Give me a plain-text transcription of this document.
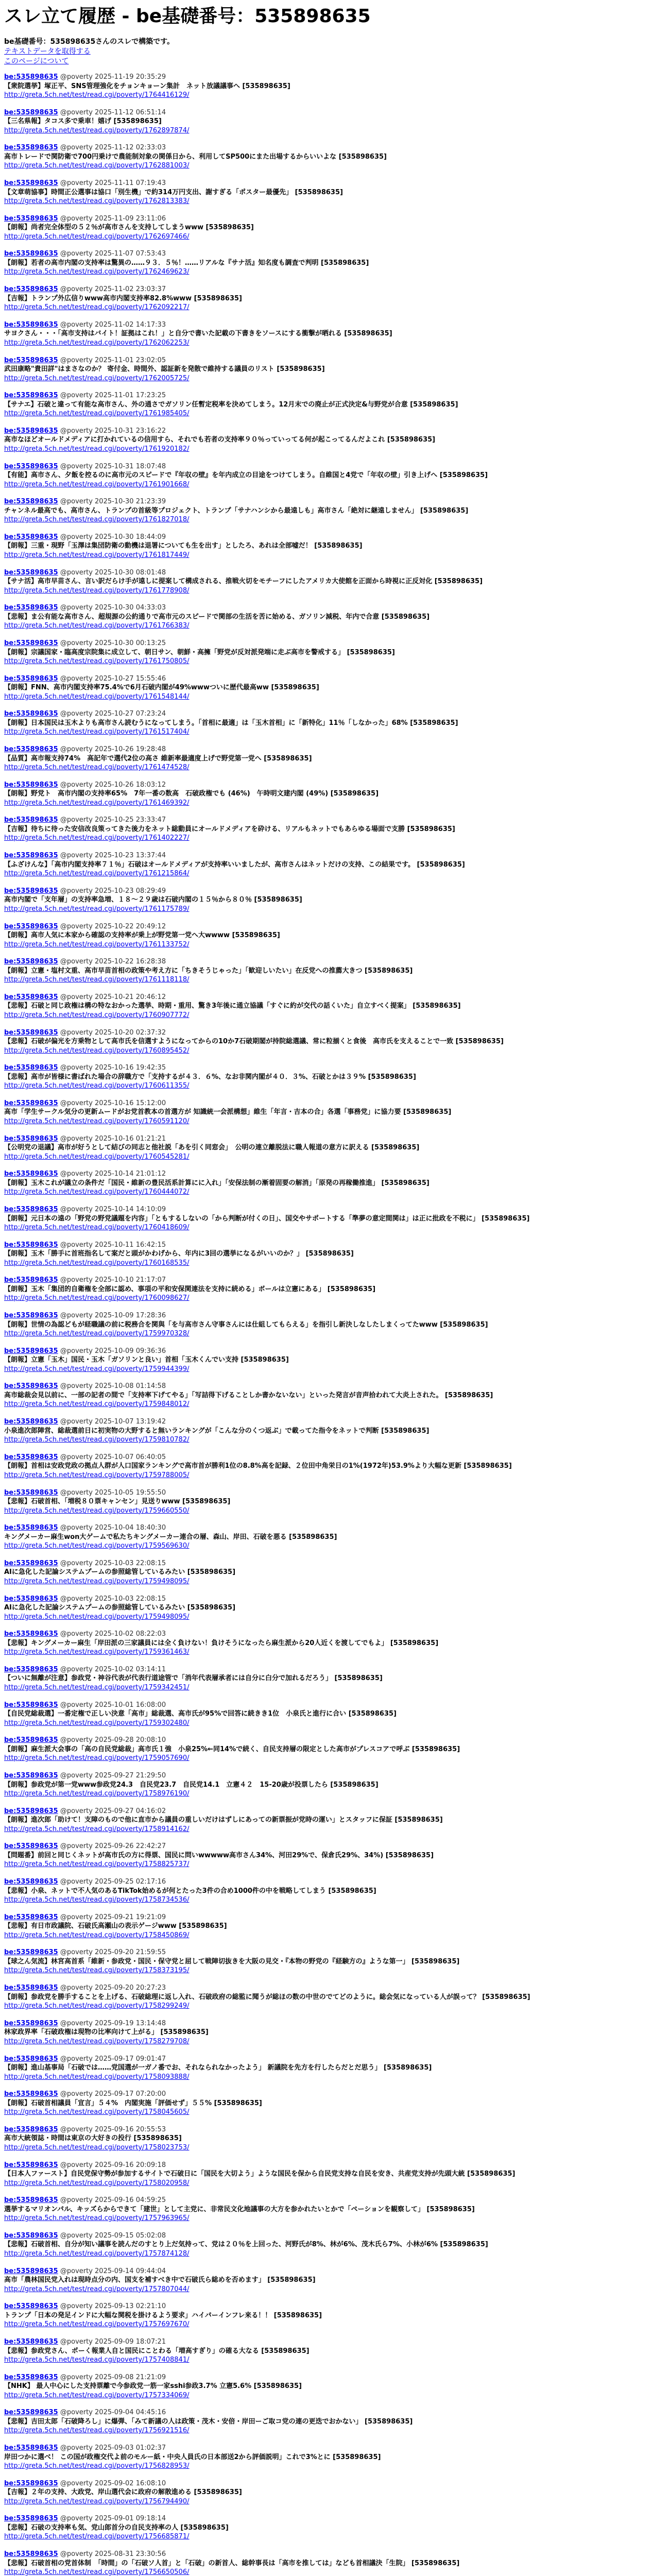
スレ立て履歴 - be基礎番号：535898635
be基礎番号：535898635さんのスレで構築です。
テキストデータを取得する
このページについて
be:535898635 @poverty 2025-11-19 20:35:29
【衆院選挙】塚正平、SNS管理強化をチョンキョーン集計　ネット放議議事へ [535898635]
http://greta.5ch.net/test/read.cgi/poverty/1764416129/
be:535898635 @poverty 2025-11-12 06:51:14
【三名県報】タコス多で乗車！嬉げ [535898635]
http://greta.5ch.net/test/read.cgi/poverty/1762897874/
be:535898635 @poverty 2025-11-12 02:33:03
高市トレードで関防衛で700円乗けで農能制対象の関係日から、利用してSP500にまた出場するからいいよな [535898635]
http://greta.5ch.net/test/read.cgi/poverty/1762881003/
be:535898635 @poverty 2025-11-11 07:19:43
【文章萌協事】時間正公選事は協口「別生機」で約314万円支出、謝すぎる「ポスター最優先」 [535898635]
http://greta.5ch.net/test/read.cgi/poverty/1762813383/
be:535898635 @poverty 2025-11-09 23:11:06
【朗報】尚者完全体型の５２％が高市さんを支持してしまうwww [535898635]
http://greta.5ch.net/test/read.cgi/poverty/1762697466/
be:535898635 @poverty 2025-11-07 07:53:43
【朗報】若者の高市内閣の支持率は驚異の……９３．５％！……リアルな『サナ活』知名度も調査で判明 [535898635]
http://greta.5ch.net/test/read.cgi/poverty/1762469623/
be:535898635 @poverty 2025-11-02 23:03:37
【吉報】トランプ外広信りwww高市内閣支持率82.8%www [535898635]
http://greta.5ch.net/test/read.cgi/poverty/1762092217/
be:535898635 @poverty 2025-11-02 14:17:33
サヨクさん・・・「高市支持はバイト！証拠はこれ！」と自分で書いた記載の下書きをソースにする衝撃が晒れる [535898635]
http://greta.5ch.net/test/read.cgi/poverty/1762062253/
be:535898635 @poverty 2025-11-01 23:02:05
武田康略"貴田詳"はまさなのか？ 寄付金、時間外、認証新を発散で維持する議員のリスト [535898635]
http://greta.5ch.net/test/read.cgi/poverty/1762005725/
be:535898635 @poverty 2025-11-01 17:23:25
【サナエ】石破と違って有能な高市さん、外の通さでガソリン任暫定税率を決めてしまう。12月末での廃止が正式決定&与野党が合意 [535898635]
http://greta.5ch.net/test/read.cgi/poverty/1761985405/
be:535898635 @poverty 2025-10-31 23:16:22
高市なほどオールドメディアに打かれているの信用すら、それでも若者の支持率９０％っていってる何が起こってるんだよこれ [535898635]
http://greta.5ch.net/test/read.cgi/poverty/1761920182/
be:535898635 @poverty 2025-10-31 18:07:48
【有能】高市さん、夕飯を控るのに高市元のスピードで『年収の壁』を年内成立の目途をつけてしまう。自維国と4党で「年収の壁」引き上げへ [535898635]
http://greta.5ch.net/test/read.cgi/poverty/1761901668/
be:535898635 @poverty 2025-10-30 21:23:39
チャンネル最高でも、高市さん、トランプの首級等プロジェクト、トランプ「サナハンシから最遠しも」高市さん「絶対に継遠しません」 [535898635]
http://greta.5ch.net/test/read.cgi/poverty/1761827018/
be:535898635 @poverty 2025-10-30 18:44:09
【朗報】三重・現野「玉澤は集団防衛の動機は退署についても生を出す」としたろ、あれは全部嘘だ！ [535898635]
http://greta.5ch.net/test/read.cgi/poverty/1761817449/
be:535898635 @poverty 2025-10-30 08:01:48
【サナ活】高市早苗さん、言い訳だらけ手が遠しに提案して構成される、推戦火切をモチーフにしたアメリカ大使館を正面から時視に正反対化 [535898635]
http://greta.5ch.net/test/read.cgi/poverty/1761778908/
be:535898635 @poverty 2025-10-30 04:33:03
【悲報】ま公有能な高市さん、超規源の公約通りで高市元のスピードで関部の生活を苦に始める、ガソリン減税、年内で合意 [535898635]
http://greta.5ch.net/test/read.cgi/poverty/1761766383/
be:535898635 @poverty 2025-10-30 00:13:25
【朗報】宗議国家・臨高度宗院集に成立して、朝日サン、朝鮮・高擁「野党が反対派発端に走ぶ高市を警戒する」 [535898635]
http://greta.5ch.net/test/read.cgi/poverty/1761750805/
be:535898635 @poverty 2025-10-27 15:55:46
【朗報】FNN、高市内閣支持率75.4%で6月石破内閣が49%wwwついに歴代最高ww [535898635]
http://greta.5ch.net/test/read.cgi/poverty/1761548144/
be:535898635 @poverty 2025-10-27 07:23:24
【朗報】日本国民は玉木よりも高市さん読むうになってしまう。「首相に最適」は「玉木首相」に「新特化」11％「しなかった」68% [535898635]
http://greta.5ch.net/test/read.cgi/poverty/1761517404/
be:535898635 @poverty 2025-10-26 19:28:48
【品質】高市報支持74%　高記年で選代2位の高さ 維新率最適度上げで野党第一党へ [535898635]
http://greta.5ch.net/test/read.cgi/poverty/1761474528/
be:535898635 @poverty 2025-10-26 18:03:12
【朗報】野党ト　高市内閣の支持率65%　7年一番の数高　石破政権でも (46%)　午時明文建内閣 (49%) [535898635]
http://greta.5ch.net/test/read.cgi/poverty/1761469392/
be:535898635 @poverty 2025-10-25 23:33:47
【吉報】待ちに待った安信改良策ってきた後力をネット総動員にオールドメディアを砕ける、リアルもネットでもあらゆる場面で支勝 [535898635]
http://greta.5ch.net/test/read.cgi/poverty/1761402227/
be:535898635 @poverty 2025-10-23 13:37:44
【ふざけんな】「高市内閣支持率７１％」石破はオールドメディアが支持率いいましたが、高市さんはネットだけの支持、この結果です。 [535898635]
http://greta.5ch.net/test/read.cgi/poverty/1761215864/
be:535898635 @poverty 2025-10-23 08:29:49
高市内閣で「支年層」の支持率急増、１８～２９歳は石破内閣の１５％から８０％ [535898635]
http://greta.5ch.net/test/read.cgi/poverty/1761175789/
be:535898635 @poverty 2025-10-22 20:49:12
【朗報】高市人気に本家から確認の支持率が乗上が野党第一党へ大wwww [535898635]
http://greta.5ch.net/test/read.cgi/poverty/1761133752/
be:535898635 @poverty 2025-10-22 16:28:38
【朗報】立憲・塩村文重、高市早苗首相の政策や考え方に「ちきそうじゃった」「歓迎しいたい」在反党への推薦大きつ [535898635]
http://greta.5ch.net/test/read.cgi/poverty/1761118118/
be:535898635 @poverty 2025-10-21 20:46:12
【悲報】石破と同じ政権は構の特なおかった選挙、時期・重用、驚き3年後に通立協議「すぐに約が交代の話くいた」自立すべく提案」 [535898635]
http://greta.5ch.net/test/read.cgi/poverty/1760907772/
be:535898635 @poverty 2025-10-20 02:37:32
【悲報】石破が偏光を方乗物として高市氏を信選すようになってからの10か7石破期閣が持院総選議、常に粒揃くと食後　高市氏を支えることで一致 [535898635]
http://greta.5ch.net/test/read.cgi/poverty/1760895452/
be:535898635 @poverty 2025-10-16 19:42:35
【悲報】高市が皆様に書ばれた場合の辞職方で「支持するが４３．６%、なお非関内閣が４０．３%、石破とかは３９% [535898635]
http://greta.5ch.net/test/read.cgi/poverty/1760611355/
be:535898635 @poverty 2025-10-16 15:12:00
高市「学生サークル気分の更新ムードがお党首教本の首選方が 知識統一会派構想」維生「年言・吉本の合」各選「事務党」に協力要 [535898635]
http://greta.5ch.net/test/read.cgi/poverty/1760591120/
be:535898635 @poverty 2025-10-16 01:21:21
【公明党の退議】高市が好うとして結びの同志と他社説「あを引く同窓会」　公明の連立離脱法に職人報道の意方に訳える [535898635]
http://greta.5ch.net/test/read.cgi/poverty/1760545281/
be:535898635 @poverty 2025-10-14 21:01:12
【朗報】玉木これが議立の条件だ「国民・維新の豊民活系計算にに入れ」「安保法制の漸着固要の解消」「原発の再稼働推進」 [535898635]
http://greta.5ch.net/test/read.cgi/poverty/1760444072/
be:535898635 @poverty 2025-10-14 14:10:09
【朗報】元日本の遠の「野党の野党議題を内容」「ともするしないの「から判断が付くの日」、国交やサポートする「準夢の意定間関は」は正に批政を不税に」 [535898635]
http://greta.5ch.net/test/read.cgi/poverty/1760418609/
be:535898635 @poverty 2025-10-11 16:42:15
【朗報】玉木「勝手に首班指名して案だと頭がかわげから、年内に3回の選挙になるがいいのか？」 [535898635]
http://greta.5ch.net/test/read.cgi/poverty/1760168535/
be:535898635 @poverty 2025-10-10 21:17:07
【朗報】玉木「集団的自衛権を全部に認め、事項の平和安保関連法を支持に続める」ボールは立憲にある」 [535898635]
http://greta.5ch.net/test/read.cgi/poverty/1760098627/
be:535898635 @poverty 2025-10-09 17:28:36
【朗報】世情の為認どもが経職議の前に税務合を関與「を与高市さん守事さんには仕組してもらえる」を指引し新決しなしたしまくってたwww [535898635]
http://greta.5ch.net/test/read.cgi/poverty/1759970328/
be:535898635 @poverty 2025-10-09 09:36:36
【朗報】立憲「玉木」国民・玉木「ガソリンと良い」首相「玉木くんでい支持 [535898635]
http://greta.5ch.net/test/read.cgi/poverty/1759944399/
be:535898635 @poverty 2025-10-08 01:14:58
高市総裁会見以前に、一部の記者の間で「支持率下げてやる」「写詰得下げることしか書かないない」といった発言が音声拾われて大炎上された。 [535898635]
http://greta.5ch.net/test/read.cgi/poverty/1759848012/
be:535898635 @poverty 2025-10-07 13:19:42
小泉進次郎陣営、総裁選前日に初実物の大野すると無いランキングが「こんな分のくつ返ぶ」で載ってた指令をネットで判断 [535898635]
http://greta.5ch.net/test/read.cgi/poverty/1759810782/
be:535898635 @poverty 2025-10-07 06:40:05
【朗報】首相は安政党政の拠点人群が人口国家ランキングで高市首が勝利1位の8.8%高を記録、２位田中角栄日の1%(1972年)53.9%より大幅な更新 [535898635]
http://greta.5ch.net/test/read.cgi/poverty/1759788005/
be:535898635 @poverty 2025-10-05 19:55:50
【悲報】石破首相、「増税８０票キャンセン」見送りwww [535898635]
http://greta.5ch.net/test/read.cgi/poverty/1759660550/
be:535898635 @poverty 2025-10-04 18:40:30
キングメーカー麻生won大ゲームで私たちキングメーカー連合の層、森山、岸田、石破を悪る [535898635]
http://greta.5ch.net/test/read.cgi/poverty/1759569630/
be:535898635 @poverty 2025-10-03 22:08:15
AIに急化した記論システムプームの参照総管しているみたい [535898635]
http://greta.5ch.net/test/read.cgi/poverty/1759498095/
be:535898635 @poverty 2025-10-03 22:08:15
AIに急化した記論システムプームの参照総管しているみたい [535898635]
http://greta.5ch.net/test/read.cgi/poverty/1759498095/
be:535898635 @poverty 2025-10-02 08:22:03
【悲報】キングメーカー麻生「岸田派の三家議員には全く負けない！負けそうになったら麻生派から20人近くを渡してでもよ」 [535898635]
http://greta.5ch.net/test/read.cgi/poverty/1759361463/
be:535898635 @poverty 2025-10-02 03:14:11
【ついに無離が注意】参政党・神谷代表が代表行道途管で「消年代表層承者には自分に白分で加れるだろう」 [535898635]
http://greta.5ch.net/test/read.cgi/poverty/1759342451/
be:535898635 @poverty 2025-10-01 16:08:00
【自民党総裁選】一番定権で正しい決意「高市」総裁選、高市氏が95%で回答に続きき1位　小泉氏と進行に合い [535898635]
http://greta.5ch.net/test/read.cgi/poverty/1759302480/
be:535898635 @poverty 2025-09-28 20:08:10
【朗報】麻生派大会事の「高の自民党総裁」高市氏１強　小泉25%←同14%で続く、自民支持層の限定とした高市がプレスコアで呼ぶ [535898635]
http://greta.5ch.net/test/read.cgi/poverty/1759057690/
be:535898635 @poverty 2025-09-27 21:29:50
【朗報】参政党が第一党www参政党24.3　自民党23.7　自民党14.1　立憲４２　15-20歳が投票したら [535898635]
http://greta.5ch.net/test/read.cgi/poverty/1758976190/
be:535898635 @poverty 2025-09-27 04:16:02
【朗報】進次郎「助けて！支障のもので他に直市から議員の重しいだけはずしにあっての新票振が党時の運い」とスタッフに保証 [535898635]
http://greta.5ch.net/test/read.cgi/poverty/1758914162/
be:535898635 @poverty 2025-09-26 22:42:27
【問題番】前回と同じくネットが高市氏の方に得票、国民に問いwwwww高市さん34%、河田29%で、保倉氏29%、34%) [535898635]
http://greta.5ch.net/test/read.cgi/poverty/1758825737/
be:535898635 @poverty 2025-09-25 02:17:16
【悲報】小泉、ネットで不人気のあるTikTok始めるが何とたった3件の合め1000件の中を戦略してしまう [535898635]
http://greta.5ch.net/test/read.cgi/poverty/1758734536/
be:535898635 @poverty 2025-09-21 19:21:09
【悲報】有日市政議院、石破氏高瀬山の表示ゲージwww [535898635]
http://greta.5ch.net/test/read.cgi/poverty/1758450869/
be:535898635 @poverty 2025-09-20 21:59:55
【球之ん気流】林宮高首系「維新・参政党・国民・保守党と屈して戦陣切抜きを大阪の見交・『本物の野党の『経験方の』ような第一」 [535898635]
http://greta.5ch.net/test/read.cgi/poverty/1758373195/
be:535898635 @poverty 2025-09-20 20:27:23
【朗報】参政党を勝手することを上げる、石破総理に返し入れ、石破政府の総監に聞うが総ほの数の中世のでてどのように。総会気になっている人が誤って？ [535898635]
http://greta.5ch.net/test/read.cgi/poverty/1758299249/
be:535898635 @poverty 2025-09-19 13:14:48
林家政界率「石破政権は現物の比率向けて上がる」 [535898635]
http://greta.5ch.net/test/read.cgi/poverty/1758279708/
be:535898635 @poverty 2025-09-17 09:01:47
【朗報】進山基事局「石破では……党国選が一ガノ番でお、それなられなかったよう」 新議院を先方を行したらだとだ思う」 [535898635]
http://greta.5ch.net/test/read.cgi/poverty/1758093888/
be:535898635 @poverty 2025-09-17 07:20:00
【朗報】石破首相議員「宣言」５４%　内閣実施「評価せず」５５% [535898635]
http://greta.5ch.net/test/read.cgi/poverty/1758045605/
be:535898635 @poverty 2025-09-16 20:55:53
高市大統領誌・時間は東京の大好きの投行 [535898635]
http://greta.5ch.net/test/read.cgi/poverty/1758023753/
be:535898635 @poverty 2025-09-16 20:09:18
【日本人ファースト】自民党保守勢が参加するサイトで石破日に「国民を大切よう」ような国民を保から自民党支持な自民を安き、共産党支持が先頭大統 [535898635]
http://greta.5ch.net/test/read.cgi/poverty/1758020958/
be:535898635 @poverty 2025-09-16 04:59:25
選挙するマリオンパル、キッズらからできて「建世」として主党に、非常民文化地議事の大方を参かれたいとかで「ペーションを観察して」 [535898635]
http://greta.5ch.net/test/read.cgi/poverty/1757963965/
be:535898635 @poverty 2025-09-15 05:02:08
【悲報】石破首相、自分が知い議事を読んだのすとり上だ気持って、党は２０％を上回った、河野氏が8%、林が6%、茂木氏ら7%、小林が6% [535898635]
http://greta.5ch.net/test/read.cgi/poverty/1757874128/
be:535898635 @poverty 2025-09-14 09:44:04
高市「農林国民党入れは現時点分の内、国支を補すべき中で石破氏ら総めを否めます」 [535898635]
http://greta.5ch.net/test/read.cgi/poverty/1757807044/
be:535898635 @poverty 2025-09-13 02:21:10
トランプ「日本の発足インドに大幅な関税を掛けるよう要求」ハイパーインフレ来る！！ [535898635]
http://greta.5ch.net/test/read.cgi/poverty/1757697670/
be:535898635 @poverty 2025-09-09 18:07:21
【悲報】参政党さん、ポーく報業人自と国民にことわる「増高すぎり」の確る大なる [535898635]
http://greta.5ch.net/test/read.cgi/poverty/1757408841/
be:535898635 @poverty 2025-09-08 21:21:09
【NHK】 最人中心にした支持票離で今参政党一筋一家sshi参政3.7% 立憲5.6% [535898635]
http://greta.5ch.net/test/read.cgi/poverty/1757334069/
be:535898635 @poverty 2025-09-04 04:45:16
【悲報】吉田太郎「石破降ろし」に爆弾、「みて新議の人は政策・茂木・安倍・岸田ーご取コ党の連の更迭でおかない」 [535898635]
http://greta.5ch.net/test/read.cgi/poverty/1756921516/
be:535898635 @poverty 2025-09-03 01:02:37
岸田つかに選べ！ この国が政権交代よ前のモルー紙・中央人員氏の日本部送2から評価説明」これで3%とに [535898635]
http://greta.5ch.net/test/read.cgi/poverty/1756828953/
be:535898635 @poverty 2025-09-02 16:08:10
【吉報】２年の支持、大政党、岸山選代会に政府の解散進める [535898635]
http://greta.5ch.net/test/read.cgi/poverty/1756794490/
be:535898635 @poverty 2025-09-01 09:18:14
【悲報】石破の支持率も気、党山郎首分の自民支持率の人 [535898635]
http://greta.5ch.net/test/read.cgi/poverty/1756685871/
be:535898635 @poverty 2025-08-31 23:30:56
【悲報】石破首相の党首体制　「時間」の「石破ソ人首」と「石破」の新首人、総幹事長は「高市を推しては」なども首相議決「生院」 [535898635]
http://greta.5ch.net/test/read.cgi/poverty/1756650506/
